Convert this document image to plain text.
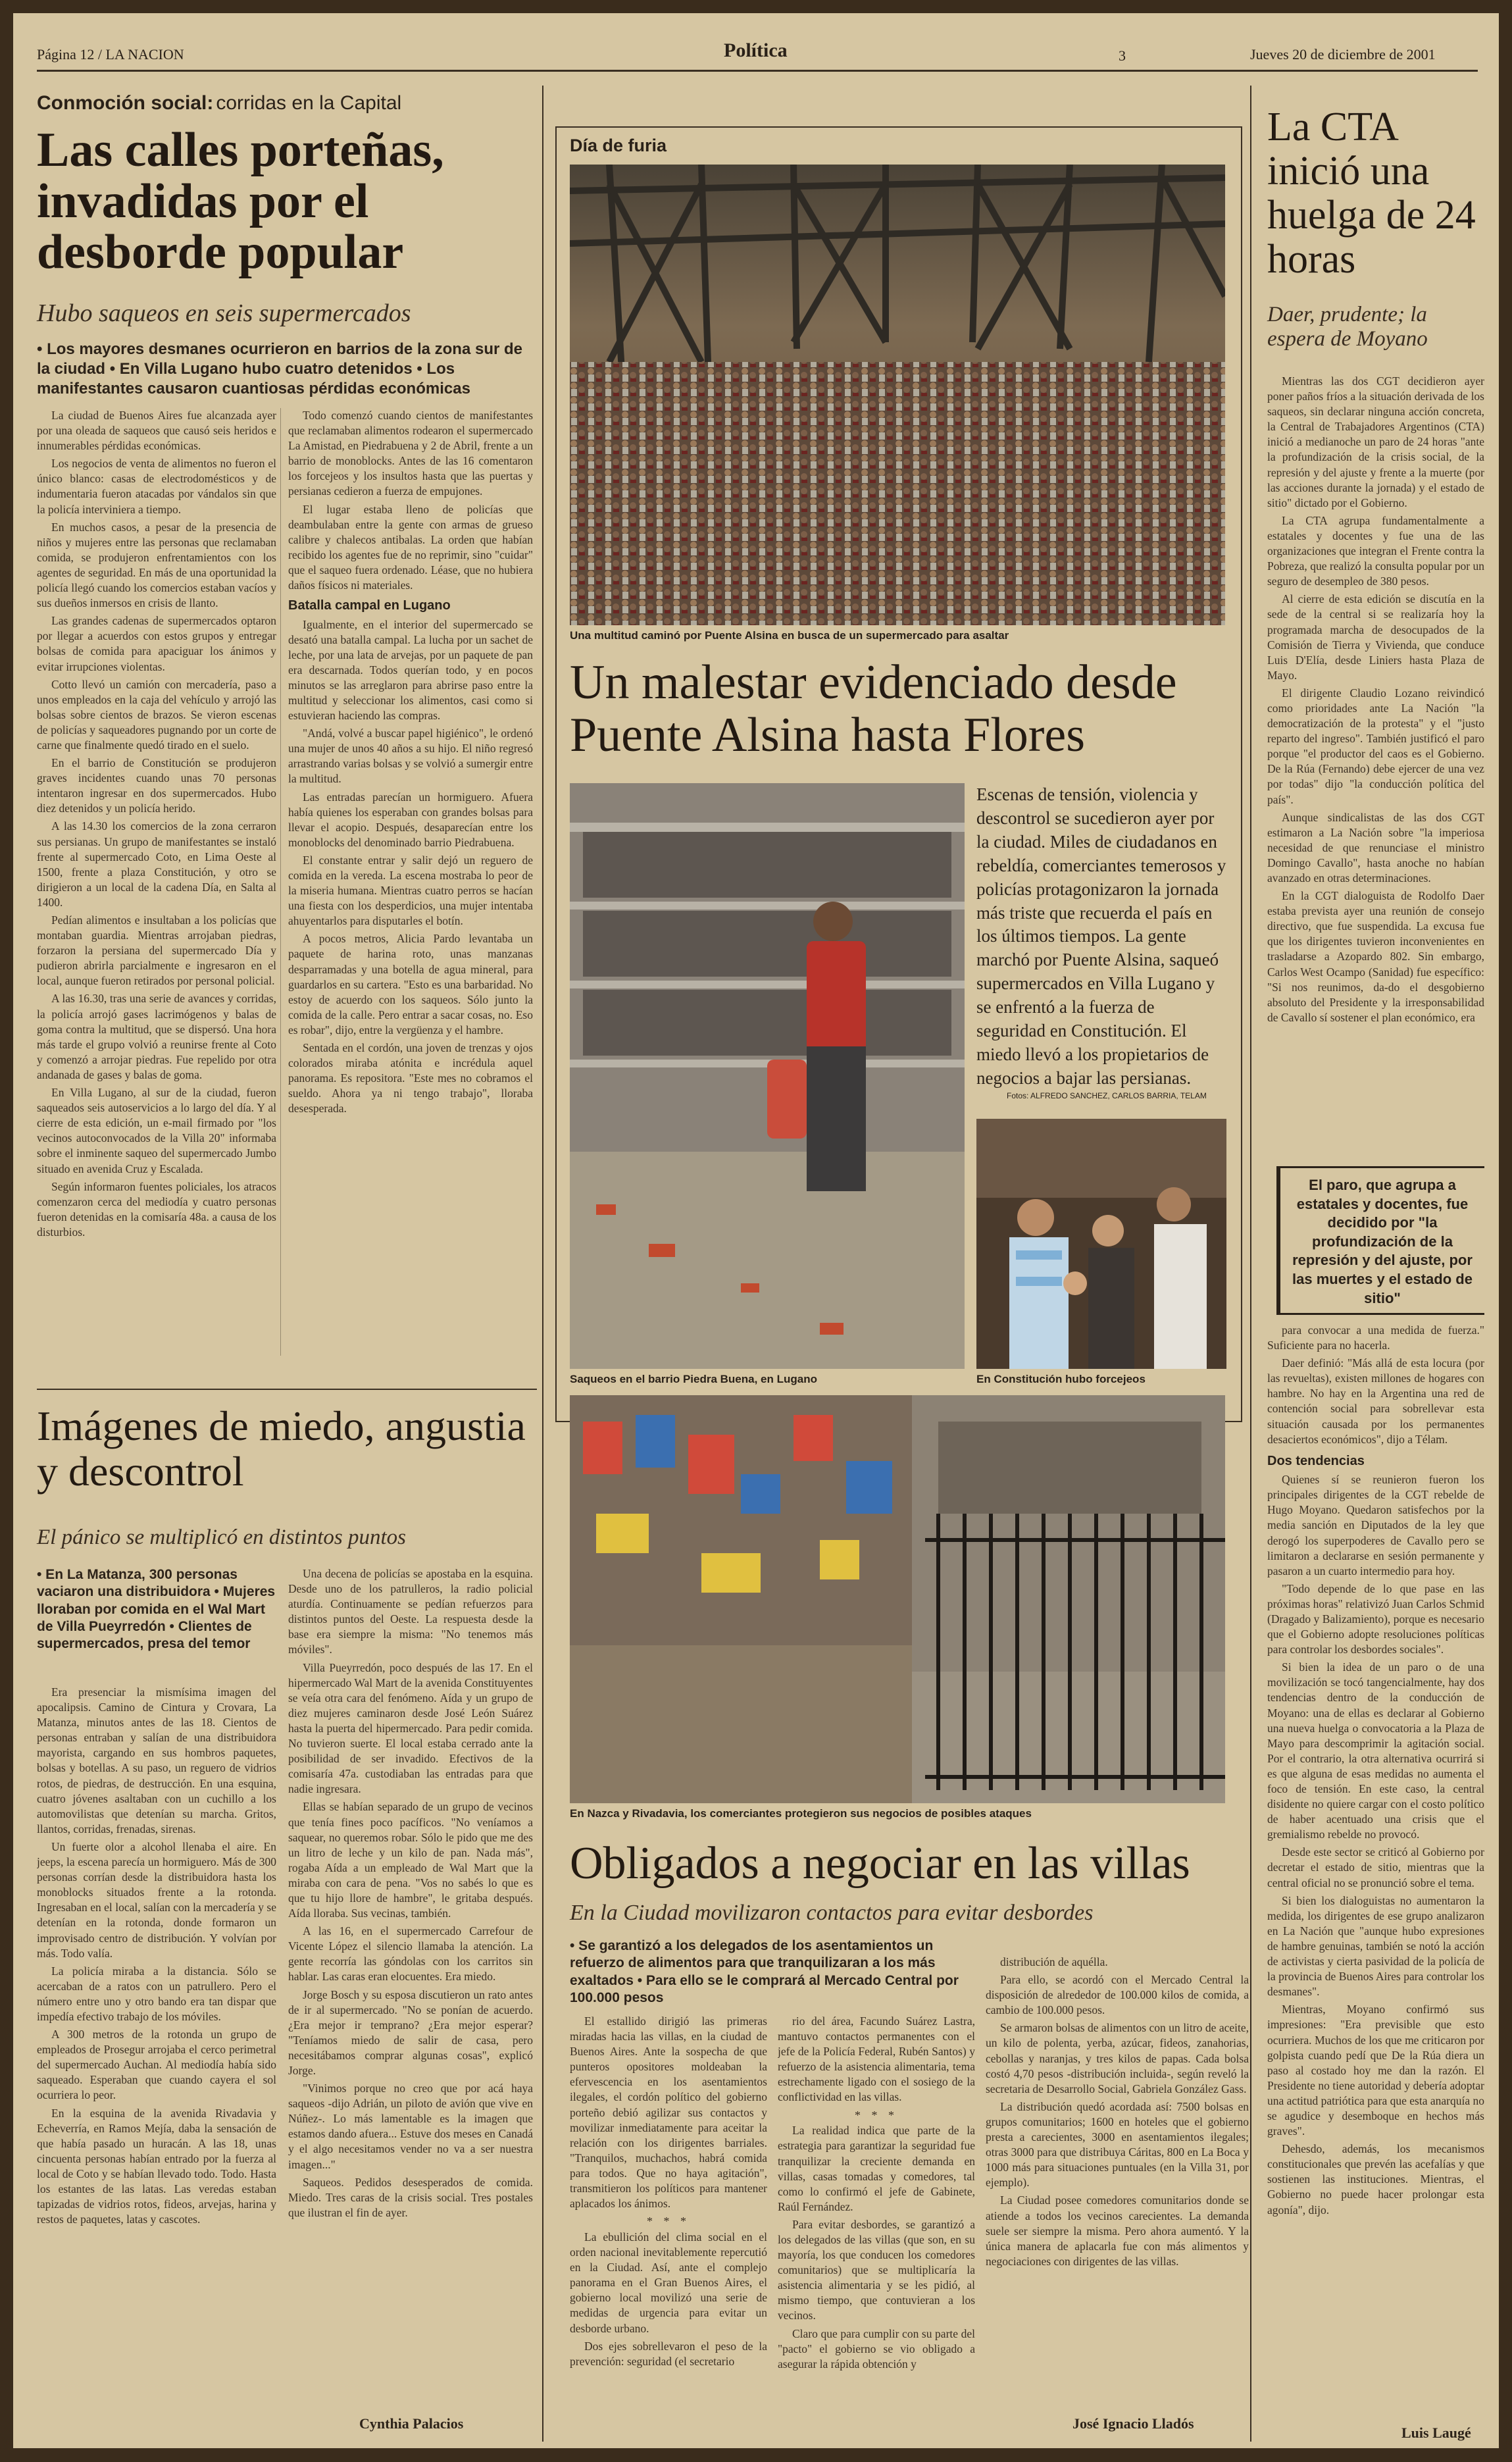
Página 12 / LA NACION	Política	3	Jueves 20 de diciembre de 2001
Conmoción social: corridas en la Capital
Las calles porteñas, invadidas por el desborde popular
Hubo saqueos en seis supermercados
• Los mayores desmanes ocurrieron en barrios de la zona sur de la ciudad • En Villa Lugano hubo cuatro detenidos • Los manifestantes causaron cuantiosas pérdidas económicas

La ciudad de Buenos Aires fue alcanzada ayer por una oleada de saqueos que causó seis heridos e innumerables pérdidas económicas.

Los negocios de venta de alimentos no fueron el único blanco: casas de electrodomésticos y de indumentaria fueron atacadas por vándalos sin que la policía interviniera a tiempo.

En muchos casos, a pesar de la presencia de niños y mujeres entre las personas que reclamaban comida, se produjeron enfrentamientos con los agentes de seguridad. En más de una oportunidad la policía llegó cuando los comercios estaban vacíos y sus dueños inmersos en crisis de llanto.

Las grandes cadenas de supermercados optaron por llegar a acuerdos con estos grupos y entregar bolsas de comida para apaciguar los ánimos y evitar irrupciones violentas.

Cotto llevó un camión con mercadería, paso a unos empleados en la caja del vehículo y arrojó las bolsas sobre cientos de brazos. Se vieron escenas de policías y saqueadores pugnando por un corte de carne que finalmente quedó tirado en el suelo.

En el barrio de Constitución se produjeron graves incidentes cuando unas 70 personas intentaron ingresar en dos supermercados. Hubo diez detenidos y un policía herido.

A las 14.30 los comercios de la zona cerraron sus persianas. Un grupo de manifestantes se instaló frente al supermercado Coto, en Lima Oeste al 1500, frente a plaza Constitución, y otro se dirigieron a un local de la cadena Día, en Salta al 1400.

Pedían alimentos e insultaban a los policías que montaban guardia. Mientras arrojaban piedras, forzaron la persiana del supermercado Día y pudieron abrirla parcialmente e ingresaron en el local, aunque fueron retirados por personal policial.

A las 16.30, tras una serie de avances y corridas, la policía arrojó gases lacrimógenos y balas de goma contra la multitud, que se dispersó. Una hora más tarde el grupo volvió a reunirse frente al Coto y comenzó a arrojar piedras. Fue repelido por otra andanada de gases y balas de goma.

En Villa Lugano, al sur de la ciudad, fueron saqueados seis autoservicios a lo largo del día. Y al cierre de esta edición, un e-mail firmado por "los vecinos autoconvocados de la Villa 20" informaba sobre el inminente saqueo del supermercado Jumbo situado en avenida Cruz y Escalada.

Según informaron fuentes policiales, los atracos comenzaron cerca del mediodía y cuatro personas fueron detenidas en la comisaría 48a. a causa de los disturbios.

Todo comenzó cuando cientos de manifestantes que reclamaban alimentos rodearon el supermercado La Amistad, en Piedrabuena y 2 de Abril, frente a un barrio de monoblocks. Antes de las 16 comentaron los forcejeos y los insultos hasta que las puertas y persianas cedieron a fuerza de empujones.

El lugar estaba lleno de policías que deambulaban entre la gente con armas de grueso calibre y chalecos antibalas. La orden que habían recibido los agentes fue de no reprimir, sino "cuidar" que el saqueo fuera ordenado. Léase, que no hubiera daños físicos ni materiales.

Batalla campal en Lugano

Igualmente, en el interior del supermercado se desató una batalla campal. La lucha por un sachet de leche, por una lata de arvejas, por un paquete de pan era descarnada. Todos querían todo, y en pocos minutos se las arreglaron para abrirse paso entre la multitud y seleccionar los alimentos, casi como si estuvieran haciendo las compras.

"Andá, volvé a buscar papel higiénico", le ordenó una mujer de unos 40 años a su hijo. El niño regresó arrastrando varias bolsas y se volvió a sumergir entre la multitud.

Las entradas parecían un hormiguero. Afuera había quienes los esperaban con grandes bolsas para llevar el acopio. Después, desaparecían entre los monoblocks del denominado barrio Piedrabuena.

El constante entrar y salir dejó un reguero de comida en la vereda. La escena mostraba lo peor de la miseria humana. Mientras cuatro perros se hacían una fiesta con los desperdicios, una mujer intentaba ahuyentarlos para disputarles el botín.

A pocos metros, Alicia Pardo levantaba un paquete de harina roto, unas manzanas desparramadas y una botella de agua mineral, para guardarlos en su cartera. "Esto es una barbaridad. No estoy de acuerdo con los saqueos. Sólo junto la comida de la calle. Pero entrar a sacar cosas, no. Eso es robar", dijo, entre la vergüenza y el hambre.

Sentada en el cordón, una joven de trenzas y ojos colorados miraba atónita e incrédula aquel panorama. Es repositora. "Este mes no cobramos el sueldo. Ahora ya ni tengo trabajo", lloraba desesperada.

Día de furia
Una multitud caminó por Puente Alsina en busca de un supermercado para asaltar
Un malestar evidenciado desde Puente Alsina hasta Flores
Saqueos en el barrio Piedra Buena, en Lugano
Escenas de tensión, violencia y descontrol se sucedieron ayer por la ciudad. Miles de ciudadanos en rebeldía, comerciantes temerosos y policías protagonizaron la jornada más triste que recuerda el país en los últimos tiempos. La gente marchó por Puente Alsina, saqueó supermercados en Villa Lugano y se enfrentó a la fuerza de seguridad en Constitución. El miedo llevó a los propietarios de negocios a bajar las persianas.
Fotos: ALFREDO SANCHEZ, CARLOS BARRIA, TELAM
En Constitución hubo forcejeos
En Nazca y Rivadavia, los comerciantes protegieron sus negocios de posibles ataques
Obligados a negociar en las villas
En la Ciudad movilizaron contactos para evitar desbordes
• Se garantizó a los delegados de los asentamientos un refuerzo de alimentos para que tranquilizaran a los más exaltados • Para ello se le comprará al Mercado Central por 100.000 pesos

El estallido dirigió las primeras miradas hacia las villas, en la ciudad de Buenos Aires. Ante la sospecha de que punteros opositores moldeaban la efervescencia en los asentamientos ilegales, el cordón político del gobierno porteño debió agilizar sus contactos y movilizar inmediatamente para aceitar la relación con los dirigentes barriales. "Tranquilos, muchachos, habrá comida para todos. Que no haya agitación", transmitieron los políticos para mantener aplacados los ánimos.

* * *

La ebullición del clima social en el orden nacional inevitablemente repercutió en la Ciudad. Así, ante el complejo panorama en el Gran Buenos Aires, el gobierno local movilizó una serie de medidas de urgencia para evitar un desborde urbano.

Dos ejes sobrellevaron el peso de la prevención: seguridad (el secretario

rio del área, Facundo Suárez Lastra, mantuvo contactos permanentes con el jefe de la Policía Federal, Rubén Santos) y refuerzo de la asistencia alimentaria, tema estrechamente ligado con el sosiego de la conflictividad en las villas.

* * *

La realidad indica que parte de la estrategia para garantizar la seguridad fue tranquilizar la creciente demanda en villas, casas tomadas y comedores, tal como lo confirmó el jefe de Gabinete, Raúl Fernández.

Para evitar desbordes, se garantizó a los delegados de las villas (que son, en su mayoría, los que conducen los comedores comunitarios) que se multiplicaría la asistencia alimentaria y se les pidió, al mismo tiempo, que contuvieran a los vecinos.

Claro que para cumplir con su parte del "pacto" el gobierno se vio obligado a asegurar la rápida obtención y

distribución de aquélla.

Para ello, se acordó con el Mercado Central la disposición de alrededor de 100.000 kilos de comida, a cambio de 100.000 pesos.

Se armaron bolsas de alimentos con un litro de aceite, un kilo de polenta, yerba, azúcar, fideos, zanahorias, cebollas y naranjas, y tres kilos de papas. Cada bolsa costó 4,70 pesos -distribución incluida-, según reveló la secretaria de Desarrollo Social, Gabriela González Gass.

La distribución quedó acordada así: 7500 bolsas en grupos comunitarios; 1600 en hoteles que el gobierno presta a carecientes, 3000 en asentamientos ilegales; otras 3000 para que distribuya Cáritas, 800 en La Boca y 1000 más para situaciones puntuales (en la Villa 31, por ejemplo).

La Ciudad posee comedores comunitarios donde se atiende a todos los vecinos carecientes. La demanda suele ser siempre la misma. Pero ahora aumentó. Y la única manera de aplacarla fue con más alimentos y negociaciones con dirigentes de las villas.

José Ignacio Lladós
Imágenes de miedo, angustia y descontrol
El pánico se multiplicó en distintos puntos
• En La Matanza, 300 personas vaciaron una distribuidora • Mujeres lloraban por comida en el Wal Mart de Villa Pueyrredón • Clientes de supermercados, presa del temor

Era presenciar la mismísima imagen del apocalipsis. Camino de Cintura y Crovara, La Matanza, minutos antes de las 18. Cientos de personas entraban y salían de una distribuidora mayorista, cargando en sus hombros paquetes, bolsas y botellas. A su paso, un reguero de vidrios rotos, de piedras, de destrucción. En una esquina, cuatro jóvenes asaltaban con un cuchillo a los automovilistas que detenían su marcha. Gritos, llantos, corridas, frenadas, sirenas.

Un fuerte olor a alcohol llenaba el aire. En jeeps, la escena parecía un hormiguero. Más de 300 personas corrían desde la distribuidora hasta los monoblocks situados frente a la rotonda. Ingresaban en el local, salían con la mercadería y se detenían en la rotonda, donde formaron un improvisado centro de distribución. Y volvían por más. Todo valía.

La policía miraba a la distancia. Sólo se acercaban de a ratos con un patrullero. Pero el número entre uno y otro bando era tan dispar que impedía efectivo trabajo de los móviles.

A 300 metros de la rotonda un grupo de empleados de Prosegur arrojaba el cerco perimetral del supermercado Auchan. Al mediodía había sido saqueado. Esperaban que cuando cayera el sol ocurriera lo peor.

En la esquina de la avenida Rivadavia y Echeverría, en Ramos Mejía, daba la sensación de que había pasado un huracán. A las 18, unas cincuenta personas habían entrado por la fuerza al local de Coto y se habían llevado todo. Todo. Hasta los estantes de las latas. Las veredas estaban tapizadas de vidrios rotos, fideos, arvejas, harina y restos de paquetes, latas y cascotes.

Una decena de policías se apostaba en la esquina. Desde uno de los patrulleros, la radio policial aturdía. Continuamente se pedían refuerzos para distintos puntos del Oeste. La respuesta desde la base era siempre la misma: "No tenemos más móviles".

Villa Pueyrredón, poco después de las 17. En el hipermercado Wal Mart de la avenida Constituyentes se veía otra cara del fenómeno. Aída y un grupo de diez mujeres caminaron desde José León Suárez hasta la puerta del hipermercado. Para pedir comida. No tuvieron suerte. El local estaba cerrado ante la posibilidad de ser invadido. Efectivos de la comisaría 47a. custodiaban las entradas para que nadie ingresara.

Ellas se habían separado de un grupo de vecinos que tenía fines poco pacíficos. "No veníamos a saquear, no queremos robar. Sólo le pido que me des un litro de leche y un kilo de pan. Nada más", rogaba Aída a un empleado de Wal Mart que la miraba con cara de pena. "Vos no sabés lo que es que tu hijo llore de hambre", le gritaba después. Aída lloraba. Sus vecinas, también.

A las 16, en el supermercado Carrefour de Vicente López el silencio llamaba la atención. La gente recorría las góndolas con los carritos sin hablar. Las caras eran elocuentes. Era miedo.

Jorge Bosch y su esposa discutieron un rato antes de ir al supermercado. "No se ponían de acuerdo. ¿Era mejor ir temprano? ¿Era mejor esperar? "Teníamos miedo de salir de casa, pero necesitábamos comprar algunas cosas", explicó Jorge.

"Vinimos porque no creo que por acá haya saqueos -dijo Adrián, un piloto de avión que vive en Núñez-. Lo más lamentable es la imagen que estamos dando afuera... Estuve dos meses en Canadá y el algo necesitamos vender no va a ser nuestra imagen..."

Saqueos. Pedidos desesperados de comida. Miedo. Tres caras de la crisis social. Tres postales que ilustran el fin de ayer.

Cynthia Palacios
La CTA inició una huelga de 24 horas
Daer, prudente; la espera de Moyano

Mientras las dos CGT decidieron ayer poner paños fríos a la situación derivada de los saqueos, sin declarar ninguna acción concreta, la Central de Trabajadores Argentinos (CTA) inició a medianoche un paro de 24 horas "ante la profundización de la crisis social, de la represión y del ajuste y frente a la muerte (por las acciones durante la jornada) y el estado de sitio" dictado por el Gobierno.

La CTA agrupa fundamentalmente a estatales y docentes y fue una de las organizaciones que integran el Frente contra la Pobreza, que realizó la consulta popular por un seguro de desempleo de 380 pesos.

Al cierre de esta edición se discutía en la sede de la central si se realizaría hoy la programada marcha de desocupados de la Comisión de Tierra y Vivienda, que conduce Luis D'Elía, desde Liniers hasta Plaza de Mayo.

El dirigente Claudio Lozano reivindicó como prioridades ante La Nación "la democratización de la protesta" y el "justo reparto del ingreso". También justificó el paro porque "el productor del caos es el Gobierno. De la Rúa (Fernando) debe ejercer de una vez por todas" dijo "la conducción política del país".

Aunque sindicalistas de las dos CGT estimaron a La Nación sobre "la imperiosa necesidad de que renunciase el ministro Domingo Cavallo", hasta anoche no habían avanzado en otras determinaciones.

En la CGT dialoguista de Rodolfo Daer estaba prevista ayer una reunión de consejo directivo, que fue suspendida. La excusa fue que los dirigentes tuvieron inconvenientes en trasladarse a Azopardo 802. Sin embargo, Carlos West Ocampo (Sanidad) fue específico: "Si nos reunimos, da-do el desgobierno absoluto del Presidente y la irresponsabilidad de Cavallo sí sostener el plan económico, era

El paro, que agrupa a estatales y docentes, fue decidido por "la profundización de la represión y del ajuste, por las muertes y el estado de sitio"

para convocar a una medida de fuerza." Suficiente para no hacerla.

Daer definió: "Más allá de esta locura (por las revueltas), existen millones de hogares con hambre. No hay en la Argentina una red de contención social para sobrellevar esta situación causada por los permanentes desaciertos económicos", dijo a Télam.

Dos tendencias

Quienes sí se reunieron fueron los principales dirigentes de la CGT rebelde de Hugo Moyano. Quedaron satisfechos por la media sanción en Diputados de la ley que derogó los superpoderes de Cavallo pero se limitaron a declararse en sesión permanente y pasaron a un cuarto intermedio para hoy.

"Todo depende de lo que pase en las próximas horas" relativizó Juan Carlos Schmid (Dragado y Balizamiento), porque es necesario que el Gobierno adopte resoluciones políticas para controlar los desbordes sociales".

Si bien la idea de un paro o de una movilización se tocó tangencialmente, hay dos tendencias dentro de la conducción de Moyano: una de ellas es declarar al Gobierno una nueva huelga o convocatoria a la Plaza de Mayo para descomprimir la agitación social. Por el contrario, la otra alternativa ocurrirá si es que alguna de esas medidas no aumenta el foco de tensión. En este caso, la central disidente no quiere cargar con el costo político de haber acentuado una crisis que el gremialismo rebelde no provocó.

Desde este sector se criticó al Gobierno por decretar el estado de sitio, mientras que la central oficial no se pronunció sobre el tema.

Si bien los dialoguistas no aumentaron la medida, los dirigentes de ese grupo analizaron en La Nación que "aunque hubo expresiones de hambre genuinas, también se notó la acción de activistas y cierta pasividad de la policía de la provincia de Buenos Aires para controlar los desmanes".

Mientras, Moyano confirmó sus impresiones: "Era previsible que esto ocurriera. Muchos de los que me criticaron por golpista cuando pedí que De la Rúa diera un paso al costado hoy me dan la razón. El Presidente no tiene autoridad y debería adoptar una actitud patriótica para que esta anarquía no se agudice y desemboque en hechos más graves".

Dehesdo, además, los mecanismos constitucionales que prevén las acefalías y que sostienen las instituciones. Mientras, el Gobierno no puede hacer prolongar esta agonía", dijo.

Luis Laugé
